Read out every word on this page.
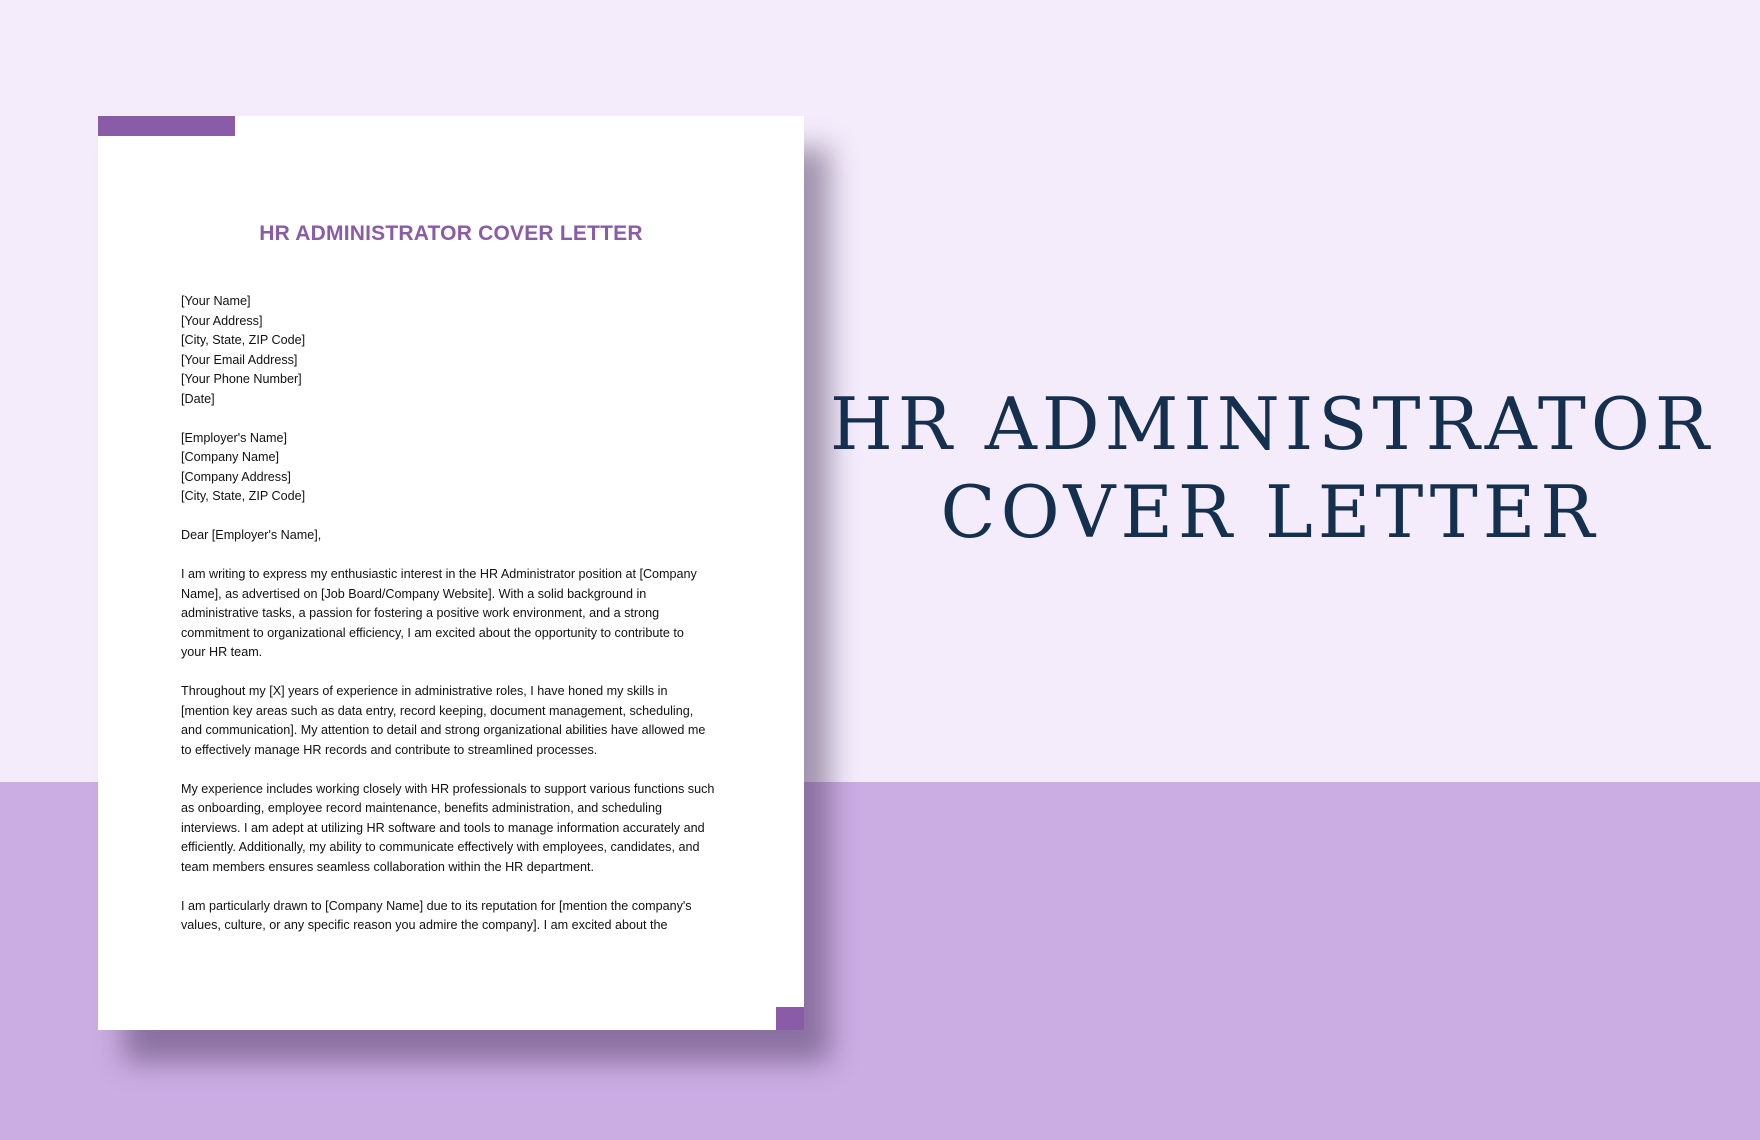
HR ADMINISTRATOR COVER LETTER
[Your Name]
[Your Address]
[City, State, ZIP Code]
[Your Email Address]
[Your Phone Number]
[Date]
[Employer's Name]
[Company Name]
[Company Address]
[City, State, ZIP Code]
Dear [Employer's Name],
I am writing to express my enthusiastic interest in the HR Administrator position at [Company
Name], as advertised on [Job Board/Company Website]. With a solid background in
administrative tasks, a passion for fostering a positive work environment, and a strong
commitment to organizational efficiency, I am excited about the opportunity to contribute to
your HR team.
Throughout my [X] years of experience in administrative roles, I have honed my skills in
[mention key areas such as data entry, record keeping, document management, scheduling,
and communication]. My attention to detail and strong organizational abilities have allowed me
to effectively manage HR records and contribute to streamlined processes.
My experience includes working closely with HR professionals to support various functions such
as onboarding, employee record maintenance, benefits administration, and scheduling
interviews. I am adept at utilizing HR software and tools to manage information accurately and
efficiently. Additionally, my ability to communicate effectively with employees, candidates, and
team members ensures seamless collaboration within the HR department.
I am particularly drawn to [Company Name] due to its reputation for [mention the company's
values, culture, or any specific reason you admire the company]. I am excited about the
HR ADMINISTRATOR
COVER LETTER
